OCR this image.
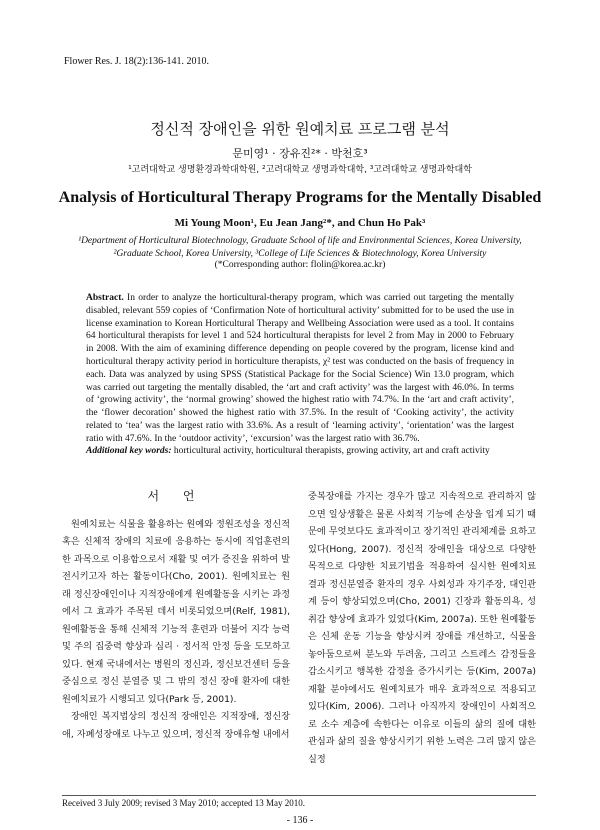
Flower Res. J. 18(2):136-141. 2010.
정신적 장애인을 위한 원예치료 프로그램 분석
문미영¹ · 장유진²* · 박천호³
¹고려대학교 생명환경과학대학원, ²고려대학교 생명과학대학, ³고려대학교 생명과학대학
Analysis of Horticultural Therapy Programs for the Mentally Disabled
Mi Young Moon¹, Eu Jean Jang²*, and Chun Ho Pak³
¹Department of Horticultural Biotechnology, Graduate School of life and Environmental Sciences, Korea University,
²Graduate School, Korea University, ³College of Life Sciences & Biotechnology, Korea University
(*Corresponding author: flolin@korea.ac.kr)
Abstract. In order to analyze the horticultural-therapy program, which was carried out targeting the mentally disabled, relevant 559 copies of ‘Confirmation Note of horticultural activity’ submitted for to be used the use in license examination to Korean Horticultural Therapy and Wellbeing Association were used as a tool. It contains 64 horticultural therapists for level 1 and 524 horticultural therapists for level 2 from May in 2000 to February in 2008. With the aim of examining difference depending on people covered by the program, license kind and horticultural therapy activity period in horticulture therapists, χ² test was conducted on the basis of frequency in each. Data was analyzed by using SPSS (Statistical Package for the Social Science) Win 13.0 program, which was carried out targeting the mentally disabled, the ‘art and craft activity’ was the largest with 46.0%. In terms of ‘growing activity’, the ‘normal growing’ showed the highest ratio with 74.7%. In the ‘art and craft activity’, the ‘flower decoration’ showed the highest ratio with 37.5%. In the result of ‘Cooking activity’, the activity related to ‘tea’ was the largest ratio with 33.6%. As a result of ‘learning activity’, ‘orientation’ was the largest ratio with 47.6%. In the ‘outdoor activity’, ‘excursion’ was the largest ratio with 36.7%.
Additional key words: horticultural activity, horticultural therapists, growing activity, art and craft activity
서 언

원예치료는 식물을 활용하는 원예와 정원조성을 정신적 혹은 신체적 장애의 치료에 응용하는 동시에 직업훈련의 한 과목으로 이용함으로서 재활 및 여가 증진을 위하여 발전시키고자 하는 활동이다(Cho, 2001). 원예치료는 원래 정신장애인이나 지적장애에게 원예활동을 시키는 과정에서 그 효과가 주목된 데서 비롯되었으며(Relf, 1981), 원예활동을 통해 신체적 기능적 훈련과 더불어 지각 능력 및 주의 집중력 향상과 심리 · 정서적 안정 등을 도모하고 있다. 현재 국내에서는 병원의 정신과, 정신보건센터 등을 중심으로 정신 분열증 및 그 밖의 정신 장애 환자에 대한 원예치료가 시행되고 있다(Park 등, 2001).

장애인 복지법상의 정신적 장애인은 지적장애, 정신장애, 자폐성장애로 나누고 있으며, 정신적 장애유형 내에서

중복장애를 가지는 경우가 많고 지속적으로 관리하지 않으면 일상생활은 물론 사회적 기능에 손상을 입게 되기 때문에 무엇보다도 효과적이고 장기적인 관리체계를 요하고 있다(Hong, 2007). 정신적 장애인을 대상으로 다양한 목적으로 다양한 치료기법을 적용하여 실시한 원예치료 결과 정신분열증 환자의 경우 사회성과 자기주장, 대인관계 등이 향상되었으며(Cho, 2001) 긴장과 활동의욕, 성취감 향상에 효과가 있었다(Kim, 2007a). 또한 원예활동은 신체 운동 기능을 향상시켜 장애를 개선하고, 식물을 놓아둠으로써 분노와 두려움, 그리고 스트레스 감정들을 감소시키고 행복한 감정을 증가시키는 등(Kim, 2007a) 재활 분야에서도 원예치료가 매우 효과적으로 적용되고 있다(Kim, 2006). 그러나 아직까지 장애인이 사회적으로 소수 계층에 속한다는 이유로 이들의 삶의 질에 대한 관심과 삶의 질을 향상시키기 위한 노력은 그리 많지 않은 실정

Received 3 July 2009; revised 3 May 2010; accepted 13 May 2010.
- 136 -
